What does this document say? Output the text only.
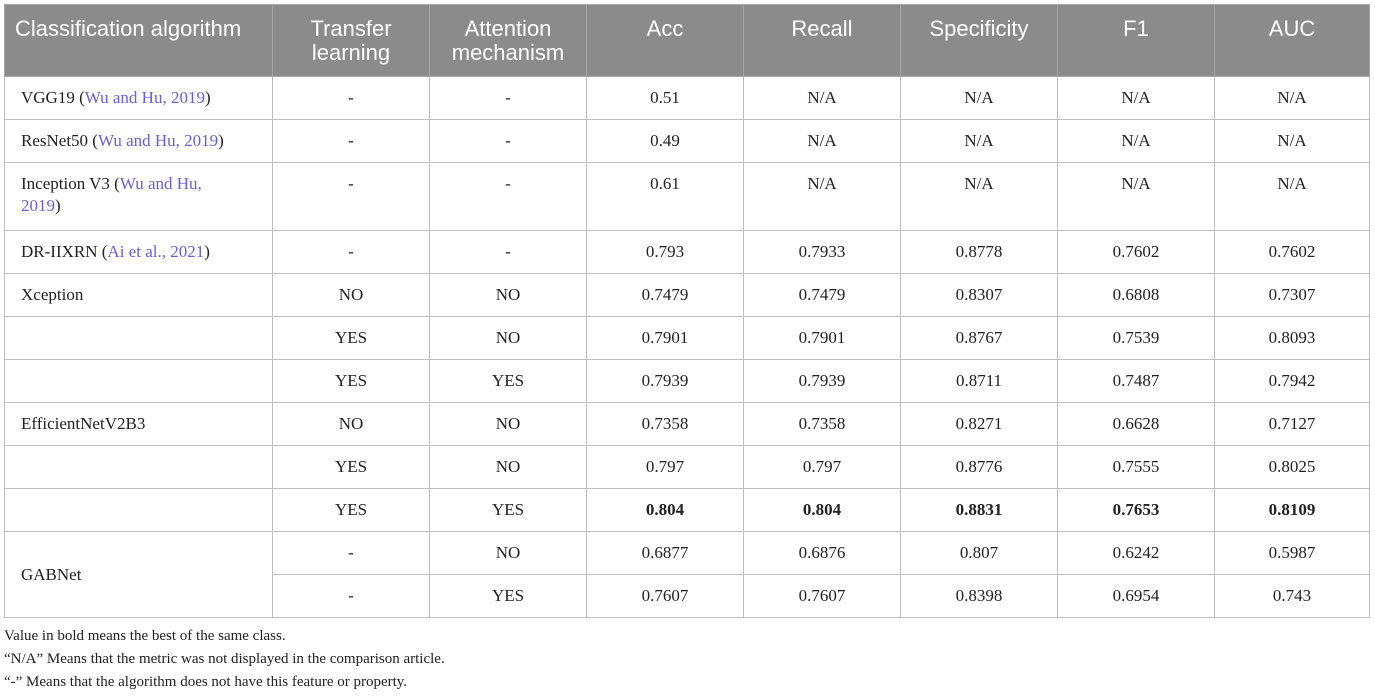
Classification algorithm	Transfer learning	Attention mechanism	Acc	Recall	Specificity	F1	AUC
VGG19 (Wu and Hu, 2019)	-	-	0.51	N/A	N/A	N/A	N/A
ResNet50 (Wu and Hu, 2019)	-	-	0.49	N/A	N/A	N/A	N/A
Inception V3 (Wu and Hu, 2019)	-	-	0.61	N/A	N/A	N/A	N/A
DR-IIXRN (Ai et al., 2021)	-	-	0.793	0.7933	0.8778	0.7602	0.7602
Xception	NO	NO	0.7479	0.7479	0.8307	0.6808	0.7307
	YES	NO	0.7901	0.7901	0.8767	0.7539	0.8093
	YES	YES	0.7939	0.7939	0.8711	0.7487	0.7942
EfficientNetV2B3	NO	NO	0.7358	0.7358	0.8271	0.6628	0.7127
	YES	NO	0.797	0.797	0.8776	0.7555	0.8025
	YES	YES	0.804	0.804	0.8831	0.7653	0.8109
GABNet	-	NO	0.6877	0.6876	0.807	0.6242	0.5987
	-	YES	0.7607	0.7607	0.8398	0.6954	0.743
Value in bold means the best of the same class.
“N/A” Means that the metric was not displayed in the comparison article.
“-” Means that the algorithm does not have this feature or property.
